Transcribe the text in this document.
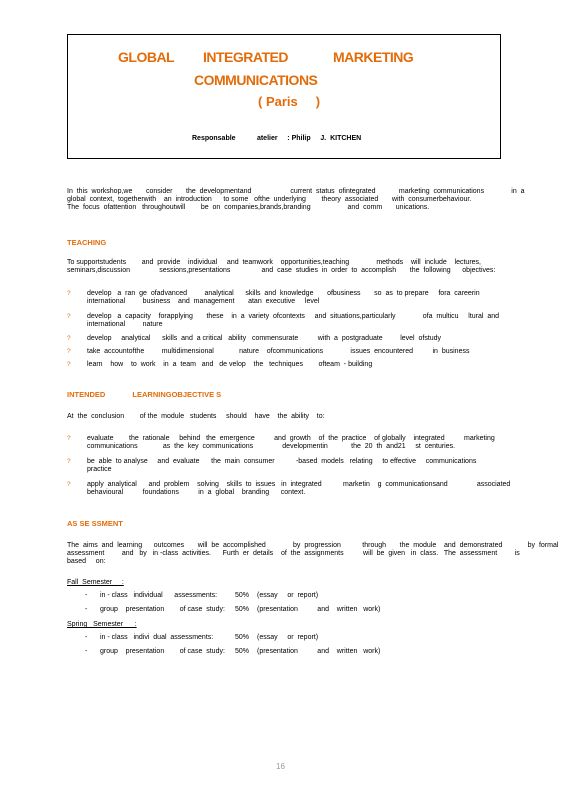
GLOBAL INTEGRATED	MARKETING
COMMUNICATIONS
( Paris     )
Responsable           atelier     : Philip     J.  KITCHEN

In  this  workshop,we       consider       the  developmentand                    current  status  ofintegrated            marketing  communications              in  a

global  context,  togetherwith    an  introduction      to some   ofthe  underlying        theory  associated       with  consumerbehaviour.

The  focus  ofattention   throughoutwill        be  on  companies,brands,branding                   and  comm       unications.

TEACHING

To supportstudents        and  provide    individual     and  teamwork    opportunities,teaching              methods    will  include    lectures,

seminars,discussion               sessions,presentations                and  case  studies  in  order  to  accomplish       the  following      objectives:

? develop   a  ran  ge  ofadvanced         analytical      skills  and  knowledge       ofbusiness       so  as  to prepare     fora  careerin

international         business    and  management       atan  executive     level

? develop   a  capacity    forapplying       these    in  a  variety  ofcontexts     and  situations,particularly              ofa  multicu     ltural  and

international         nature

? develop     analytical      skills  and  a critical   ability   commensurate          with  a  postgraduate         level  ofstudy

? take  accountofthe         multidimensional             nature    ofcommunications              issues  encountered          in  business

? learn    how    to  work    in  a  team   and   de velop    the   techniques        ofteam  - building

INTENDED             LEARNINGOBJECTIVE S
At  the  conclusion        of the  module   students     should    have    the  ability    to:
? evaluate        the  rationale     behind   the  emergence          and  growth    of  the  practice    of globally    integrated          marketing

communications             as  the  key  communications               developmentin            the  20  th  and21     st  centuries.

? be  able  to analyse     and  evaluate      the  main  consumer           -based  models   relating     to effective     communications

practice

? apply  analytical      and  problem    solving    skills  to  issues   in  integrated           marketin    g  communicationsand               associated

behavioural          foundations          in  a  global    branding      context.

AS SE SSMENT

The  aims  and  learning      outcomes       will  be  accomplished              by  progression           through       the  module    and  demonstrated             by  formal

assessment         and   by   in -class  activities.      Furth  er  details    of  the  assignments          will  be  given   in  class.   The  assessment         is

based     on:

Fall  Semester     :
- in - class   individual      assessments:	50% (essay     or  report)
- group    presentation        of case  study: 50% (presentation          and    written   work)
Spring   Semester      :
- in - class   indivi  dual  assessments:	50% (essay     or  report)
- group    presentation        of case  study: 50% (presentation          and    written   work)
16
